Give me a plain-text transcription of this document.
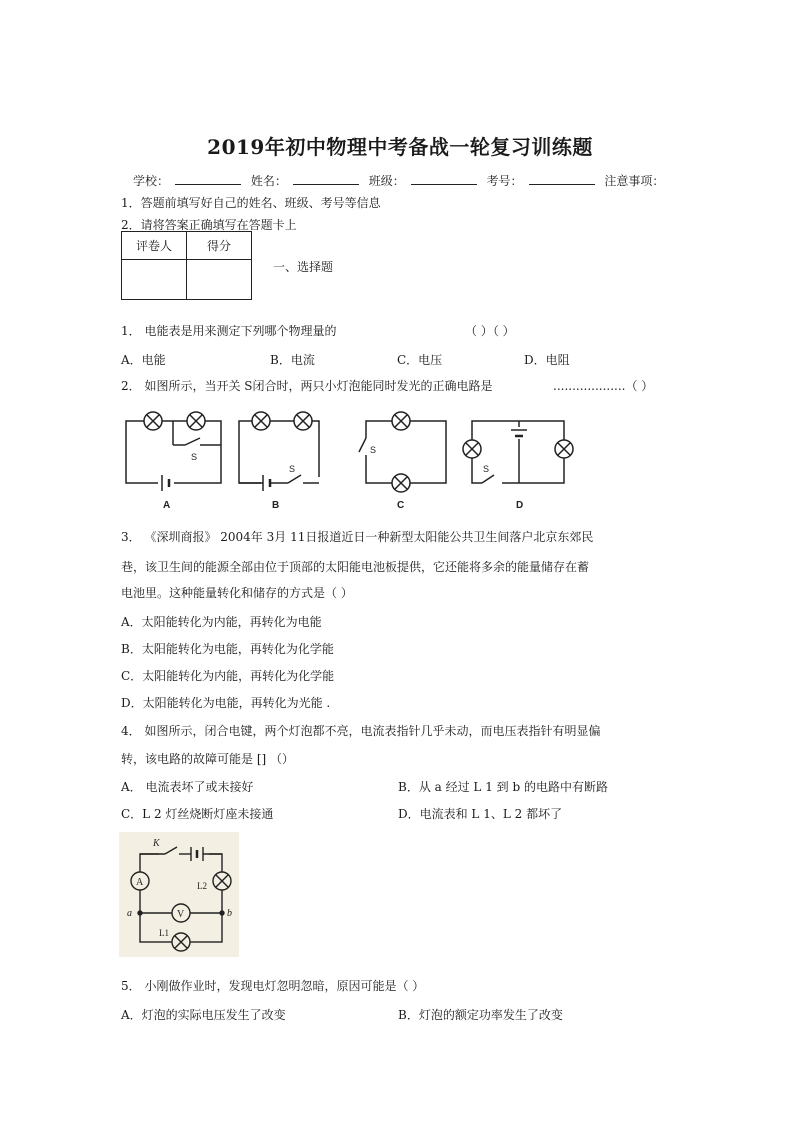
2019年初中物理中考备战一轮复习训练题
学校：	姓名：	班级：	考号：	注意事项：
1．答题前填写好自己的姓名、班级、考号等信息
2．请将答案正确填写在答题卡上
评卷人	得分

一、选择题
1． 电能表是用来测定下列哪个物理量的	（ ）（ ）
A．电能	B．电流	C．电压	D．电阻
2． 如图所示，当开关 S闭合时，两只小灯泡能同时发光的正确电路是	...................（ ）
S
A
S
B
S
C
S
D
3． 《深圳商报》 2004年 3月 11日报道近日一种新型太阳能公共卫生间落户北京东郊民
巷，该卫生间的能源全部由位于顶部的太阳能电池板提供，它还能将多余的能量储存在蓄
电池里。这种能量转化和储存的方式是（ ）
A．太阳能转化为内能，再转化为电能
B．太阳能转化为电能，再转化为化学能
C．太阳能转化为内能，再转化为化学能
D．太阳能转化为电能，再转化为光能 .
4． 如图所示，闭合电键，两个灯泡都不亮，电流表指针几乎未动，而电压表指针有明显偏
转，该电路的故障可能是 [] （）
A． 电流表坏了或未接好	B．从 a 经过 L 1 到 b 的电路中有断路
C．L 2 灯丝烧断灯座未接通	D．电流表和 L 1、L 2 都坏了
K
A	L2
V
a	b
L1
5． 小刚做作业时，发现电灯忽明忽暗，原因可能是（ ）
A．灯泡的实际电压发生了改变	B．灯泡的额定功率发生了改变
